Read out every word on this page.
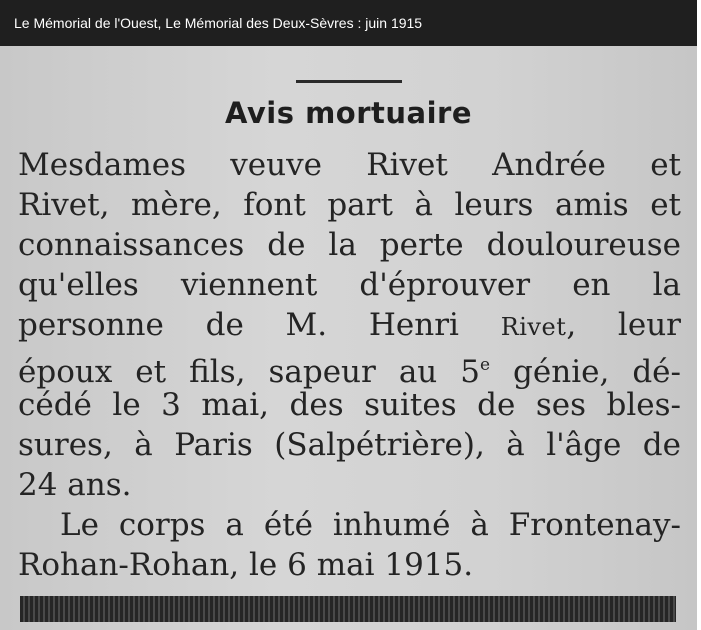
Avis mortuaire
Mesdames veuve Rivet Andrée et
Rivet, mère, font part à leurs amis et
connaissances de la perte douloureuse
qu'elles viennent d'éprouver en la
personne de M. Henri Rivet, leur
époux et fils, sapeur au 5e génie, dé-
cédé le 3 mai, des suites de ses bles-
sures, à Paris (Salpétrière), à l'âge de
24 ans.
Le corps a été inhumé à Frontenay-
Rohan-Rohan, le 6 mai 1915.
Le Mémorial de l'Ouest, Le Mémorial des Deux-Sèvres : juin 1915
